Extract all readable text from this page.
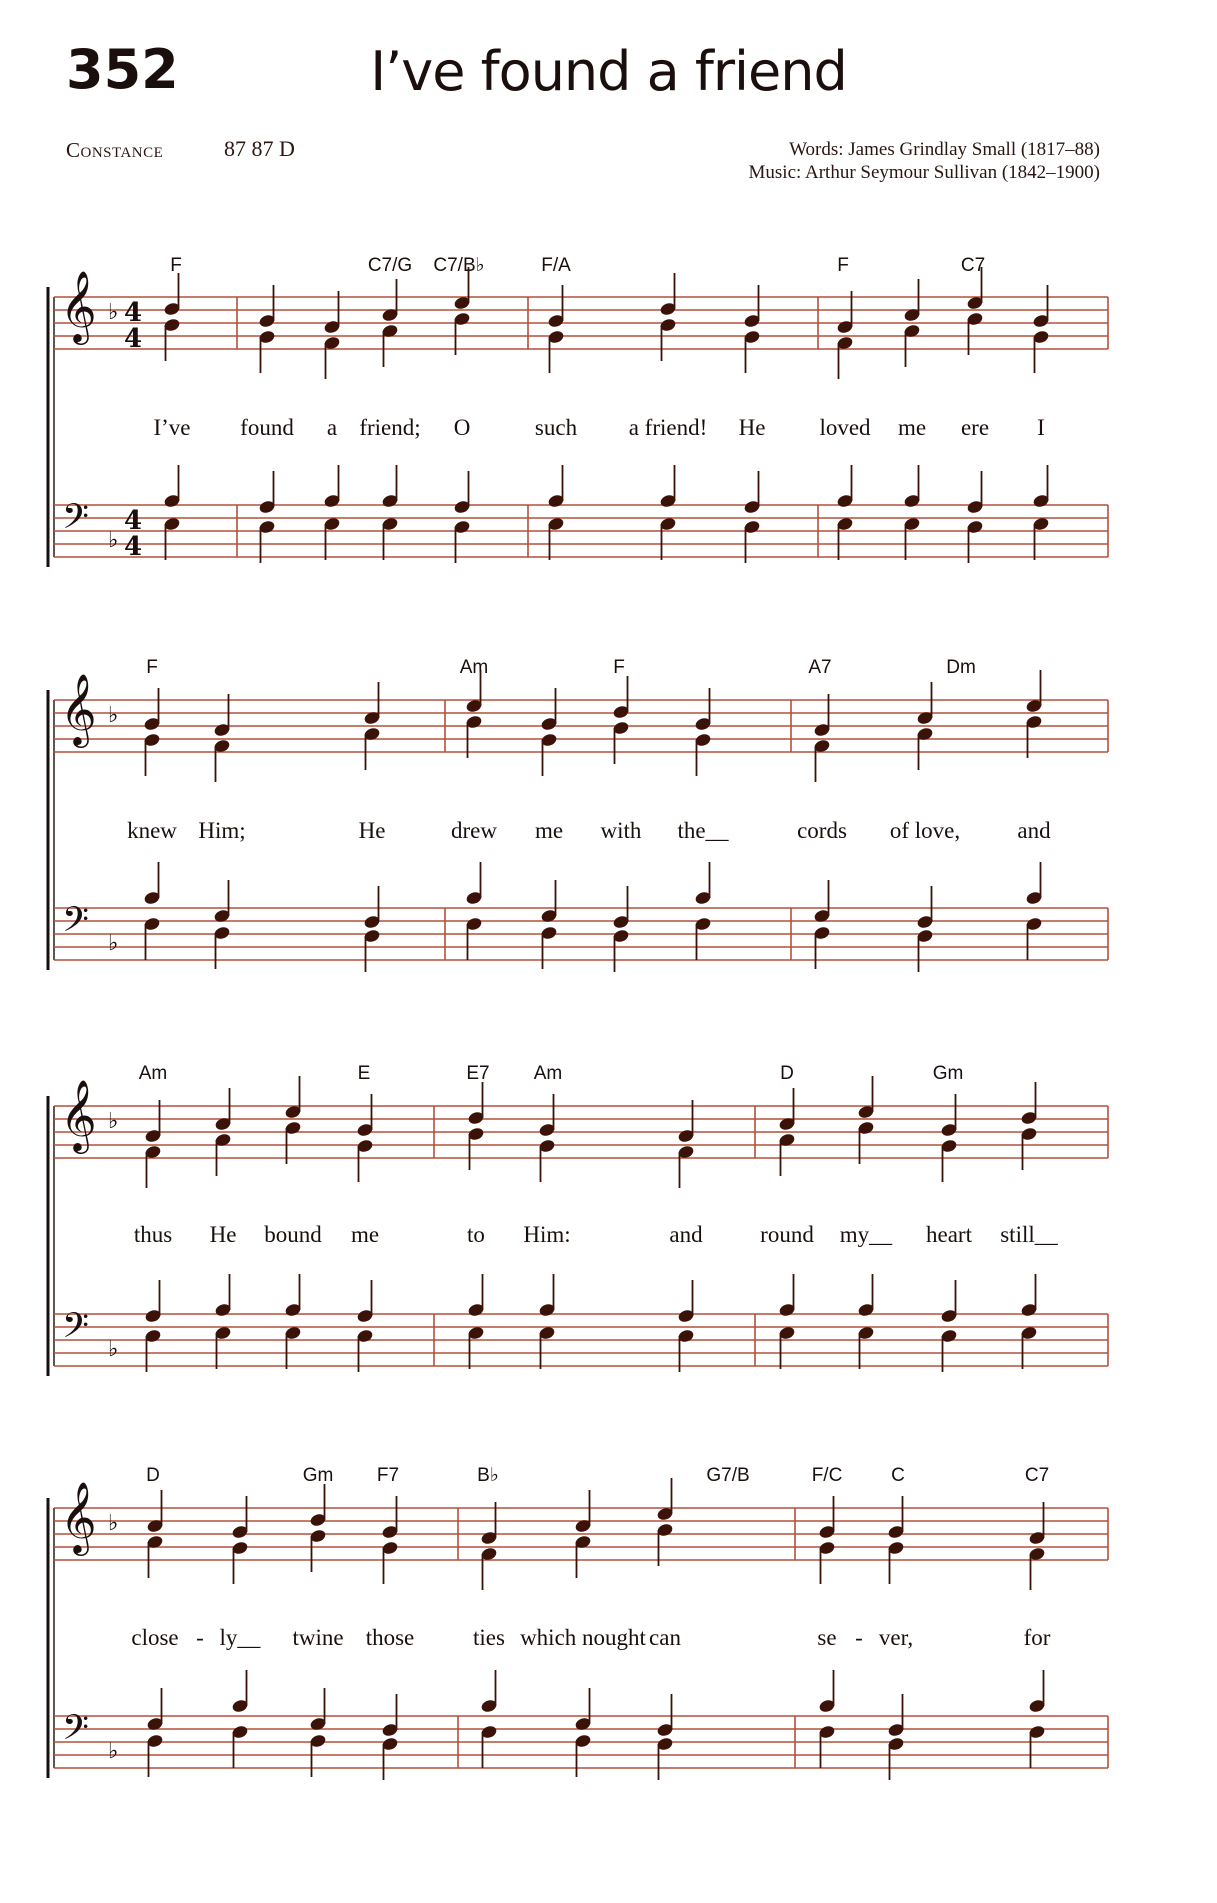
352	I’ve found a friend
Constance	87 87 D	Words: James Grindlay Small (1817–88)
Music: Arthur Seymour Sullivan (1842–1900)
𝄞
𝄢
♭
♭
4
4
4
4
F	C7/G C7/B♭	F/A	F	C7
I’ve found a friend; O	such a friend! He loved me ere I
𝄞
𝄢
♭
♭
F	Am	F	A7	Dm
knew Him;	He	drew me with the__	cords of love, and
𝄞
𝄢
♭
♭
Am	E	E7 Am	D	Gm
thus He bound me	to Him:	and	round my__ heart still__
𝄞
𝄢
♭
♭
D	Gm F7	B♭	G7/B	F/C	C	C7
close - ly__ twine those	ties which nought can	se - ver,	for
